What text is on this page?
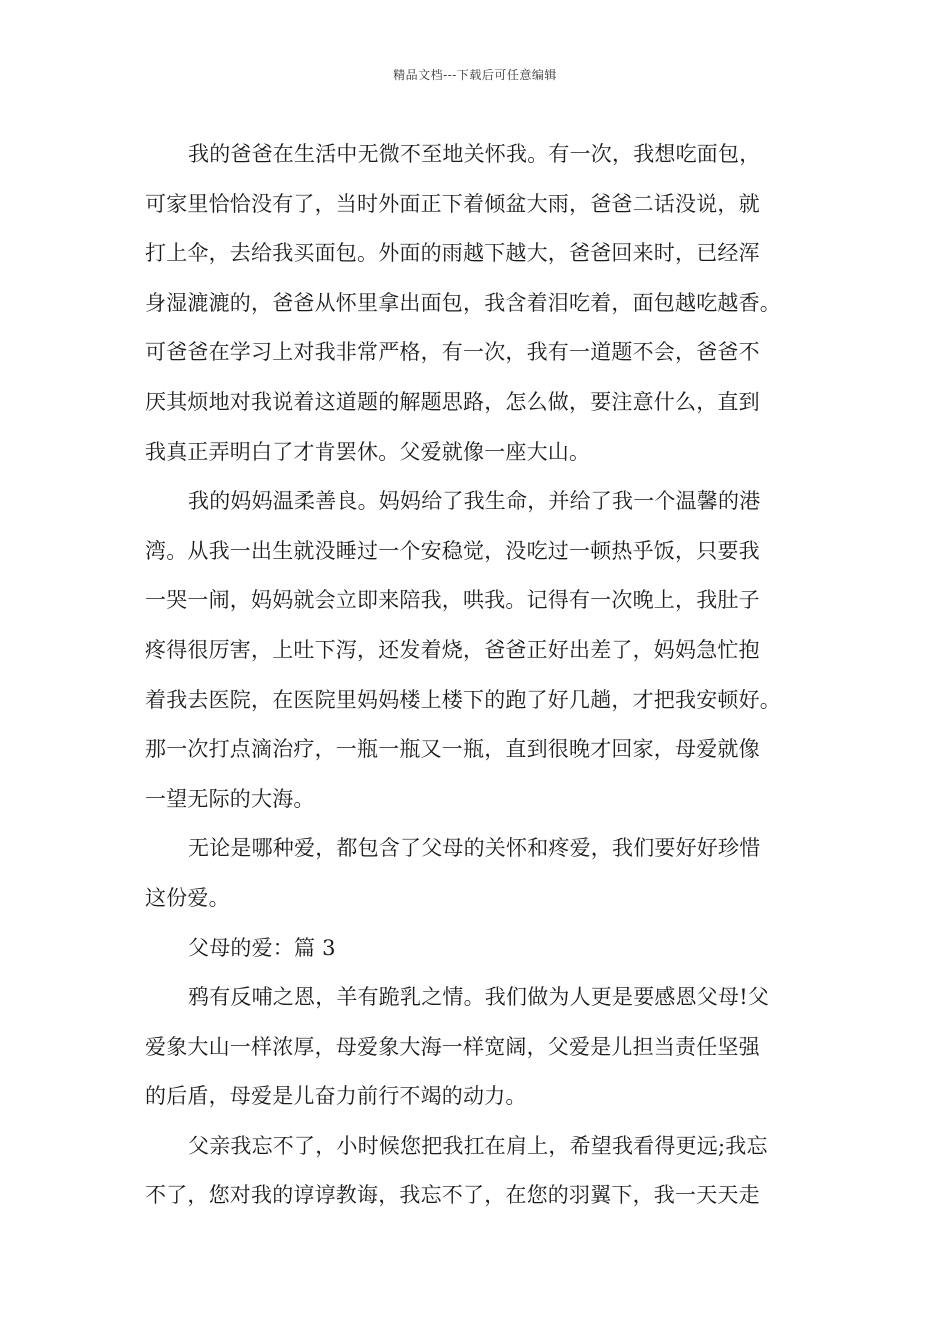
精品文档---下载后可任意编辑
我的爸爸在生活中无微不至地关怀我。有一次，我想吃面包，
可家里恰恰没有了，当时外面正下着倾盆大雨，爸爸二话没说，就
打上伞，去给我买面包。外面的雨越下越大，爸爸回来时，已经浑
身湿漉漉的，爸爸从怀里拿出面包，我含着泪吃着，面包越吃越香。
可爸爸在学习上对我非常严格，有一次，我有一道题不会，爸爸不
厌其烦地对我说着这道题的解题思路，怎么做，要注意什么，直到
我真正弄明白了才肯罢休。父爱就像一座大山。
我的妈妈温柔善良。妈妈给了我生命，并给了我一个温馨的港
湾。从我一出生就没睡过一个安稳觉，没吃过一顿热乎饭，只要我
一哭一闹，妈妈就会立即来陪我，哄我。记得有一次晚上，我肚子
疼得很厉害，上吐下泻，还发着烧，爸爸正好出差了，妈妈急忙抱
着我去医院，在医院里妈妈楼上楼下的跑了好几趟，才把我安顿好。
那一次打点滴治疗，一瓶一瓶又一瓶，直到很晚才回家，母爱就像
一望无际的大海。
无论是哪种爱，都包含了父母的关怀和疼爱，我们要好好珍惜
这份爱。
父母的爱：篇 3
鸦有反哺之恩，羊有跪乳之情。我们做为人更是要感恩父母!父
爱象大山一样浓厚，母爱象大海一样宽阔，父爱是儿担当责任坚强
的后盾，母爱是儿奋力前行不竭的动力。
父亲我忘不了，小时候您把我扛在肩上，希望我看得更远;我忘
不了，您对我的谆谆教诲，我忘不了，在您的羽翼下，我一天天走
